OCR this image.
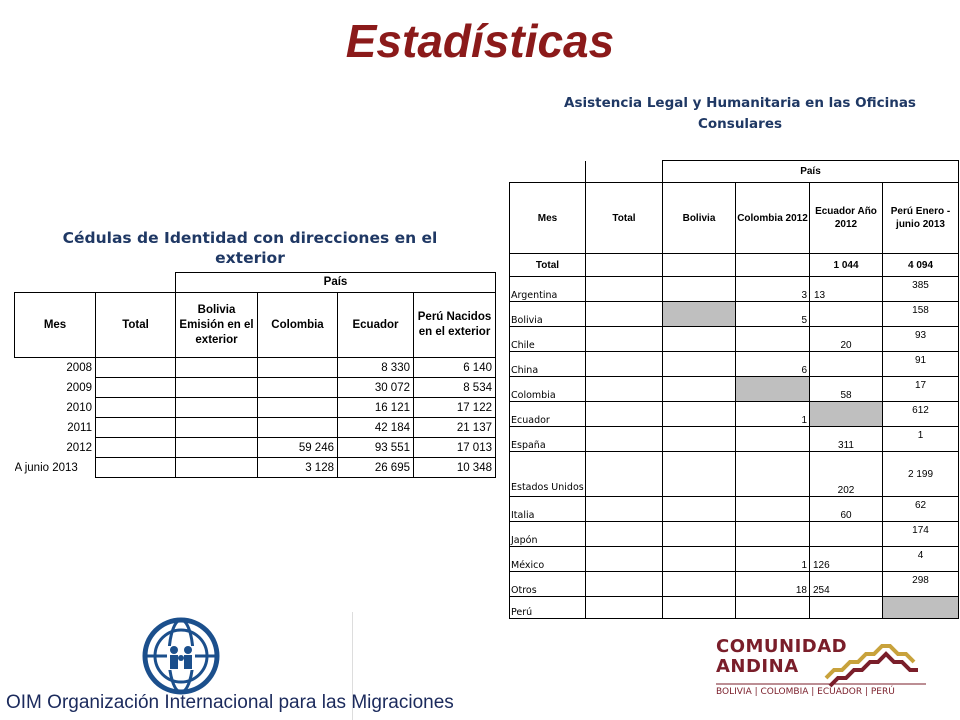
Estadísticas

Cédulas de Identidad con direcciones en el exterior

Asistencia Legal y Humanitaria en las Oficinas Consulares

		País			
Mes	Total	Bolivia Emisión en el exterior	Colombia	Ecuador	Perú Nacidos en el exterior
2008				8 330	6 140
2009				30 072	8 534
2010				16 121	17 122
2011				42 184	21 137
2012			59 246	93 551	17 013
A junio 2013			3 128	26 695	10 348
		País			
Mes	Total	Bolivia	Colombia 2012	Ecuador Año 2012	Perú Enero - junio 2013
Total				1 044	4 094
Argentina			3	13	385
Bolivia			5		158
Chile				20	93
China			6		91
Colombia				58	17
Ecuador			1		612
España				311	1
Estados Unidos				202	2 199
Italia				60	62
Japón					174
México			1	126	4
Otros			18	254	298
Perú					
OIM Organización Internacional para las Migraciones
COMUNIDAD
ANDINA
BOLIVIA | COLOMBIA | ECUADOR | PERÚ
